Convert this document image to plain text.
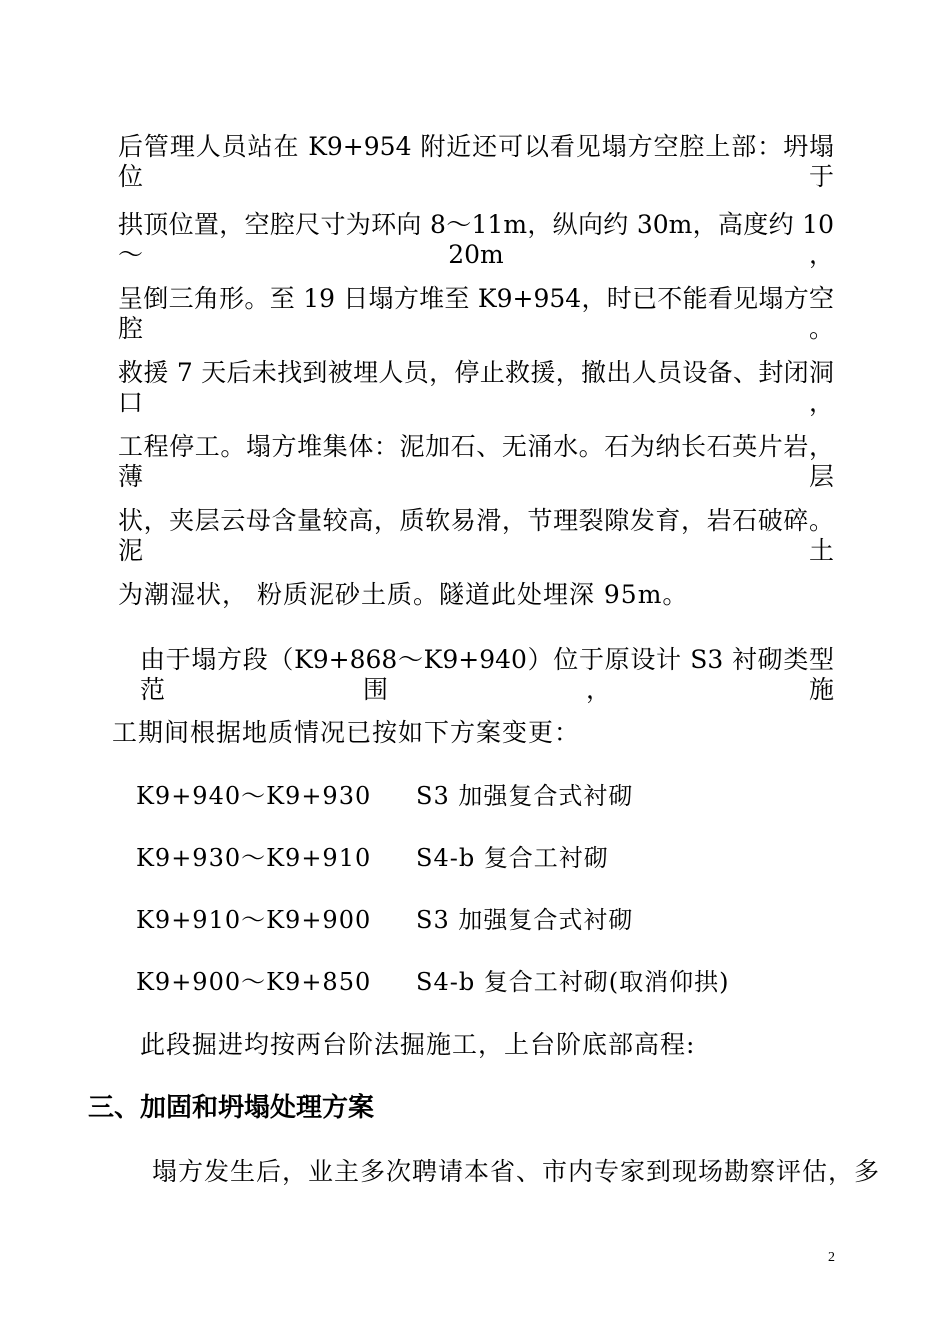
后管理人员站在 K9+954 附近还可以看见塌方空腔上部：坍塌位于
拱顶位置，空腔尺寸为环向 8～11m，纵向约 30m，高度约 10～20m，
呈倒三角形。至 19 日塌方堆至 K9+954，时已不能看见塌方空腔。
救援 7 天后未找到被埋人员，停止救援，撤出人员设备、封闭洞口，
工程停工。塌方堆集体：泥加石、无涌水。石为纳长石英片岩，薄层
状，夹层云母含量较高，质软易滑，节理裂隙发育，岩石破碎。泥土
为潮湿状， 粉质泥砂土质。隧道此处埋深 95m。
由于塌方段（K9+868～K9+940）位于原设计 S3 衬砌类型范围，施
工期间根据地质情况已按如下方案变更：
K9+940～K9+930 S3 加强复合式衬砌
K9+930～K9+910 S4-b 复合工衬砌
K9+910～K9+900 S3 加强复合式衬砌
K9+900～K9+850 S4-b 复合工衬砌(取消仰拱)
此段掘进均按两台阶法掘施工，上台阶底部高程:
三、加固和坍塌处理方案
塌方发生后，业主多次聘请本省、市内专家到现场勘察评估，多
2
